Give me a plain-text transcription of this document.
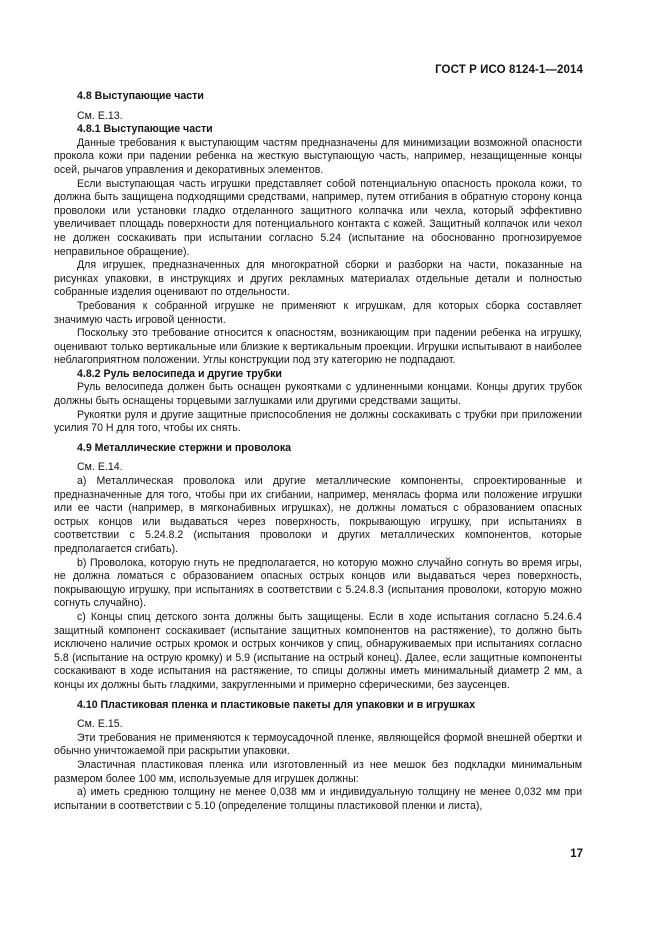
ГОСТ Р ИСО 8124-1—2014
4.8 Выступающие части

См. Е.13.

4.8.1 Выступающие части

Данные требования к выступающим частям предназначены для минимизации возможной опасности прокола кожи при падении ребенка на жесткую выступающую часть, например, незащищенные концы осей, рычагов управления и декоративных элементов.

Если выступающая часть игрушки представляет собой потенциальную опасность прокола кожи, то должна быть защищена подходящими средствами, например, путем отгибания в обратную сторону конца проволоки или установки гладко отделанного защитного колпачка или чехла, который эффективно увеличивает площадь поверхности для потенциального контакта с кожей. Защитный колпачок или чехол не должен соскакивать при испытании согласно 5.24 (испытание на обоснованно прогнозируемое неправильное обращение).

Для игрушек, предназначенных для многократной сборки и разборки на части, показанные на рисунках упаковки, в инструкциях и других рекламных материалах отдельные детали и полностью собранные изделия оценивают по отдельности.

Требования к собранной игрушке не применяют к игрушкам, для которых сборка составляет значимую часть игровой ценности.

Поскольку это требование относится к опасностям, возникающим при падении ребенка на игрушку, оценивают только вертикальные или близкие к вертикальным проекции. Игрушки испытывают в наиболее неблагоприятном положении. Углы конструкции под эту категорию не подпадают.

4.8.2 Руль велосипеда и другие трубки

Руль велосипеда должен быть оснащен рукоятками с удлиненными концами. Концы других трубок должны быть оснащены торцевыми заглушками или другими средствами защиты.

Рукоятки руля и другие защитные приспособления не должны соскакивать с трубки при приложении усилия 70 Н для того, чтобы их снять.

4.9 Металлические стержни и проволока

См. Е.14.

а) Металлическая проволока или другие металлические компоненты, спроектированные и предназначенные для того, чтобы при их сгибании, например, менялась форма или положение игрушки или ее части (например, в мягконабивных игрушках), не должны ломаться с образованием опасных острых концов или выдаваться через поверхность, покрывающую игрушку, при испытаниях в соответствии с 5.24.8.2 (испытания проволоки и других металлических компонентов, которые предполагается сгибать).

b) Проволока, которую гнуть не предполагается, но которую можно случайно согнуть во время игры, не должна ломаться с образованием опасных острых концов или выдаваться через поверхность, покрывающую игрушку, при испытаниях в соответствии с 5.24.8.3 (испытания проволоки, которую можно согнуть случайно).

с) Концы спиц детского зонта должны быть защищены. Если в ходе испытания согласно 5.24.6.4 защитный компонент соскакивает (испытание защитных компонентов на растяжение), то должно быть исключено наличие острых кромок и острых кончиков у спиц, обнаруживаемых при испытаниях согласно 5.8 (испытание на острую кромку) и 5.9 (испытание на острый конец). Далее, если защитные компоненты соскакивают в ходе испытания на растяжение, то спицы должны иметь минимальный диаметр 2 мм, а концы их должны быть гладкими, закругленными и примерно сферическими, без заусенцев.

4.10 Пластиковая пленка и пластиковые пакеты для упаковки и в игрушках

См. Е.15.

Эти требования не применяются к термоусадочной пленке, являющейся формой внешней обертки и обычно уничтожаемой при раскрытии упаковки.

Эластичная пластиковая пленка или изготовленный из нее мешок без подкладки минимальным размером более 100 мм, используемые для игрушек должны:

а) иметь среднюю толщину не менее 0,038 мм и индивидуальную толщину не менее 0,032 мм при испытании в соответствии с 5.10 (определение толщины пластиковой пленки и листа),

17
